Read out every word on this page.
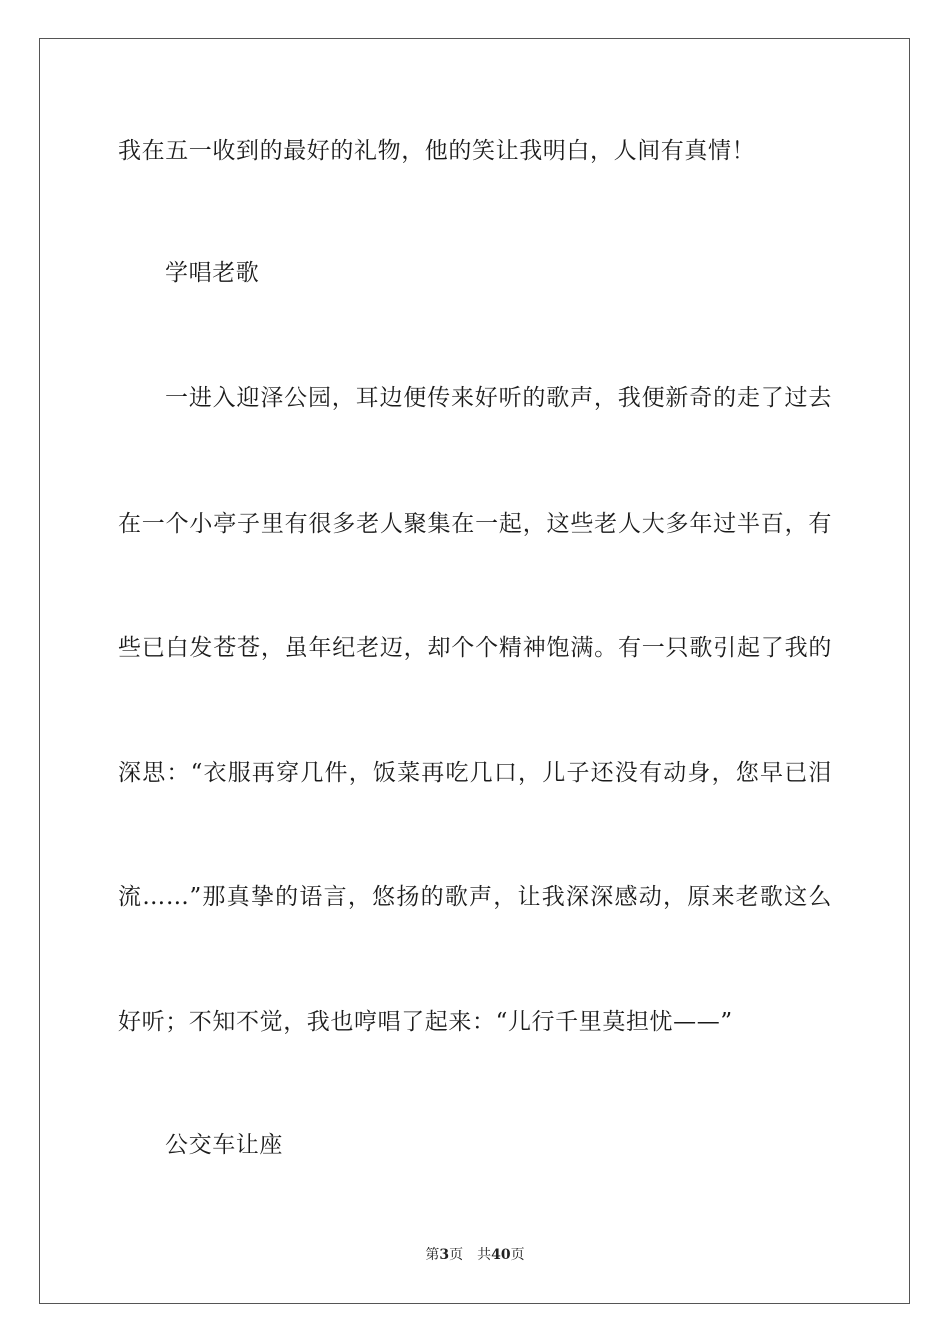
我在五一收到的最好的礼物，他的笑让我明白，人间有真情！
学唱老歌
一进入迎泽公园，耳边便传来好听的歌声，我便新奇的走了过去
在一个小亭子里有很多老人聚集在一起，这些老人大多年过半百，有
些已白发苍苍，虽年纪老迈，却个个精神饱满。有一只歌引起了我的
深思：“衣服再穿几件，饭菜再吃几口，儿子还没有动身，您早已泪
流……”那真挚的语言，悠扬的歌声，让我深深感动，原来老歌这么
好听；不知不觉，我也哼唱了起来：“儿行千里莫担忧——”
公交车让座
第3页 共40页
